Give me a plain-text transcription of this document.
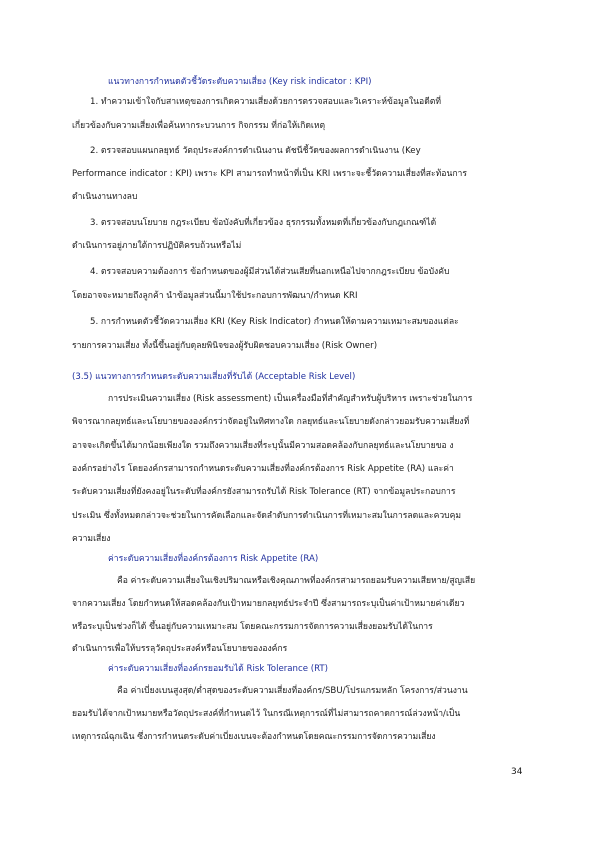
แนวทางการกำหนดตัวชี้วัดระดับความเสี่ยง (Key risk indicator : KPI)
1. ทำความเข้าใจกับสาเหตุของการเกิดความเสี่ยงด้วยการตรวจสอบและวิเคราะห์ข้อมูลในอดีตที่
เกี่ยวข้องกับความเสี่ยงเพื่อค้นหากระบวนการ กิจกรรม ที่ก่อให้เกิดเหตุ
2. ตรวจสอบแผนกลยุทธ์ วัตถุประสงค์การดำเนินงาน ดัชนีชี้วัดของผลการดำเนินงาน (Key
Performance indicator : KPI) เพราะ KPI สามารถทำหน้าที่เป็น KRI เพราะจะชี้วัดความเสี่ยงที่สะท้อนการ
ดำเนินงานทางลบ
3. ตรวจสอบนโยบาย กฎระเบียบ ข้อบังคับที่เกี่ยวข้อง ธุรกรรมทั้งหมดที่เกี่ยวข้องกับกฎเกณฑ์ได้
ดำเนินการอยู่ภายใต้การปฏิบัติครบถ้วนหรือไม่
4. ตรวจสอบความต้องการ ข้อกำหนดของผู้มีส่วนได้ส่วนเสียที่นอกเหนือไปจากกฎระเบียบ ข้อบังคับ
โดยอาจจะหมายถึงลูกค้า นำข้อมูลส่วนนี้มาใช้ประกอบการพัฒนา/กำหนด KRI
5. การกำหนดตัวชี้วัดความเสี่ยง KRI (Key Risk Indicator) กำหนดให้ตามความเหมาะสมของแต่ละ
รายการความเสี่ยง ทั้งนี้ขึ้นอยู่กับดุลยพินิจของผู้รับผิดชอบความเสี่ยง (Risk Owner)
(3.5) แนวทางการกำหนดระดับความเสี่ยงที่รับได้ (Acceptable Risk Level)
การประเมินความเสี่ยง (Risk assessment) เป็นเครื่องมือที่สำคัญสำหรับผู้บริหาร เพราะช่วยในการ
พิจารณากลยุทธ์และนโยบายขององค์กรว่าจัดอยู่ในทิศทางใด กลยุทธ์และนโยบายดังกล่าวยอมรับความเสี่ยงที่
อาจจะเกิดขึ้นได้มากน้อยเพียงใด รวมถึงความเสี่ยงที่ระบุนั้นมีความสอดคล้องกับกลยุทธ์และนโยบายขอ ง
องค์กรอย่างไร โดยองค์กรสามารถกำหนดระดับความเสี่ยงที่องค์กรต้องการ Risk Appetite (RA) และค่า
ระดับความเสี่ยงที่ยังคงอยู่ในระดับที่องค์กรยังสามารถรับได้ Risk Tolerance (RT) จากข้อมูลประกอบการ
ประเมิน ซึ่งทั้งหมดกล่าวจะช่วยในการคัดเลือกและจัดลำดับการดำเนินการที่เหมาะสมในการลดและควบคุม
ความเสี่ยง
ค่าระดับความเสี่ยงที่องค์กรต้องการ Risk Appetite (RA)
คือ ค่าระดับความเสี่ยงในเชิงปริมาณหรือเชิงคุณภาพที่องค์กรสามารถยอมรับความเสียหาย/สูญเสีย
จากความเสี่ยง โดยกำหนดให้สอดคล้องกับเป้าหมายกลยุทธ์ประจำปี ซึ่งสามารถระบุเป็นค่าเป้าหมายค่าเดียว
หรือระบุเป็นช่วงก็ได้ ขึ้นอยู่กับความเหมาะสม โดยคณะกรรมการจัดการความเสี่ยงยอมรับได้ในการ
ดำเนินการเพื่อให้บรรลุวัตถุประสงค์หรือนโยบายขององค์กร
ค่าระดับความเสี่ยงที่องค์กรยอมรับได้ Risk Tolerance (RT)
คือ ค่าเบี่ยงเบนสูงสุด/ต่ำสุดของระดับความเสี่ยงที่องค์กร/SBU/โปรแกรมหลัก โครงการ/ส่วนงาน
ยอมรับได้จากเป้าหมายหรือวัตถุประสงค์ที่กำหนดไว้ ในกรณีเหตุการณ์ที่ไม่สามารถคาดการณ์ล่วงหน้า/เป็น
เหตุการณ์ฉุกเฉิน ซึ่งการกำหนดระดับค่าเบี่ยงเบนจะต้องกำหนดโดยคณะกรรมการจัดการความเสี่ยง
34
